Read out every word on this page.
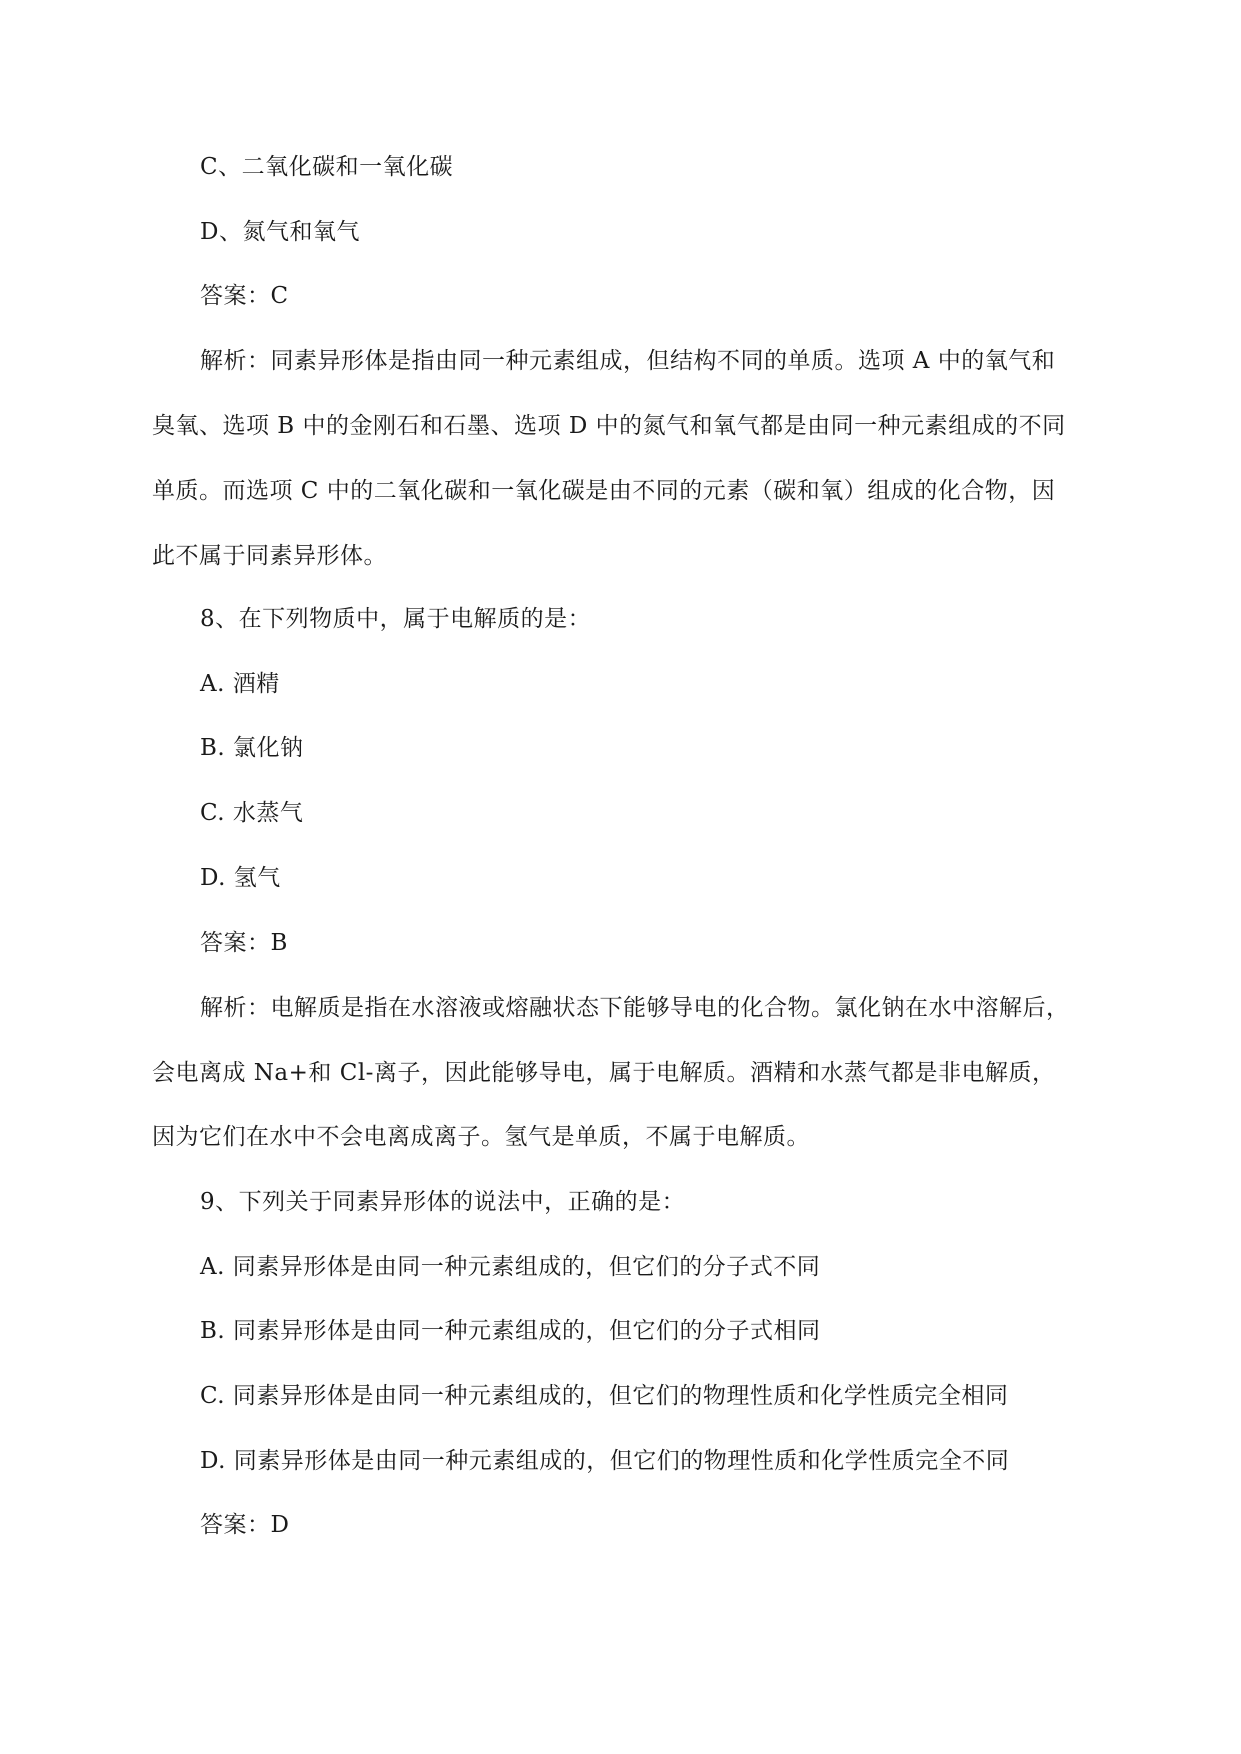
C、二氧化碳和一氧化碳
D、氮气和氧气
答案：C
解析：同素异形体是指由同一种元素组成，但结构不同的单质。选项 A 中的氧气和
臭氧、选项 B 中的金刚石和石墨、选项 D 中的氮气和氧气都是由同一种元素组成的不同
单质。而选项 C 中的二氧化碳和一氧化碳是由不同的元素（碳和氧）组成的化合物，因
此不属于同素异形体。
8、在下列物质中，属于电解质的是：
A. 酒精
B. 氯化钠
C. 水蒸气
D. 氢气
答案：B
解析：电解质是指在水溶液或熔融状态下能够导电的化合物。氯化钠在水中溶解后，
会电离成 Na+和 Cl-离子，因此能够导电，属于电解质。酒精和水蒸气都是非电解质，
因为它们在水中不会电离成离子。氢气是单质，不属于电解质。
9、下列关于同素异形体的说法中，正确的是：
A. 同素异形体是由同一种元素组成的，但它们的分子式不同
B. 同素异形体是由同一种元素组成的，但它们的分子式相同
C. 同素异形体是由同一种元素组成的，但它们的物理性质和化学性质完全相同
D. 同素异形体是由同一种元素组成的，但它们的物理性质和化学性质完全不同
答案：D
